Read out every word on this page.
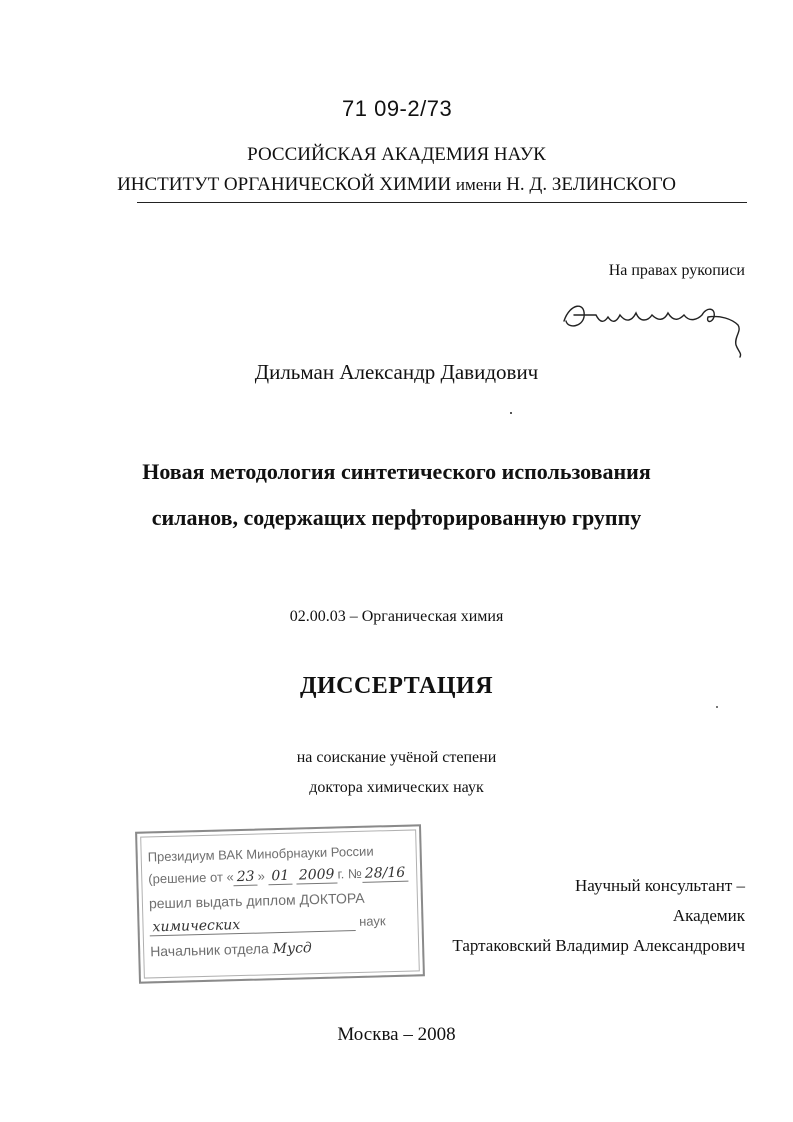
71 09-2/73
РОССИЙСКАЯ АКАДЕМИЯ НАУК
ИНСТИТУТ ОРГАНИЧЕСКОЙ ХИМИИ имени Н. Д. ЗЕЛИНСКОГО
На правах рукописи
Дильман Александр Давидович
Новая методология синтетического использования
силанов, содержащих перфторированную группу
02.00.03 – Органическая химия
ДИССЕРТАЦИЯ
на соискание учёной степени
доктора химических наук
Президиум ВАК Минобрнауки России
(решение от « 23 » 01 2009 г. № 28/16
решил выдать диплом ДОКТОРА
химических	наук
Начальник отдела Мусд
Научный консультант –
Академик
Тартаковский Владимир Александрович
Москва – 2008
